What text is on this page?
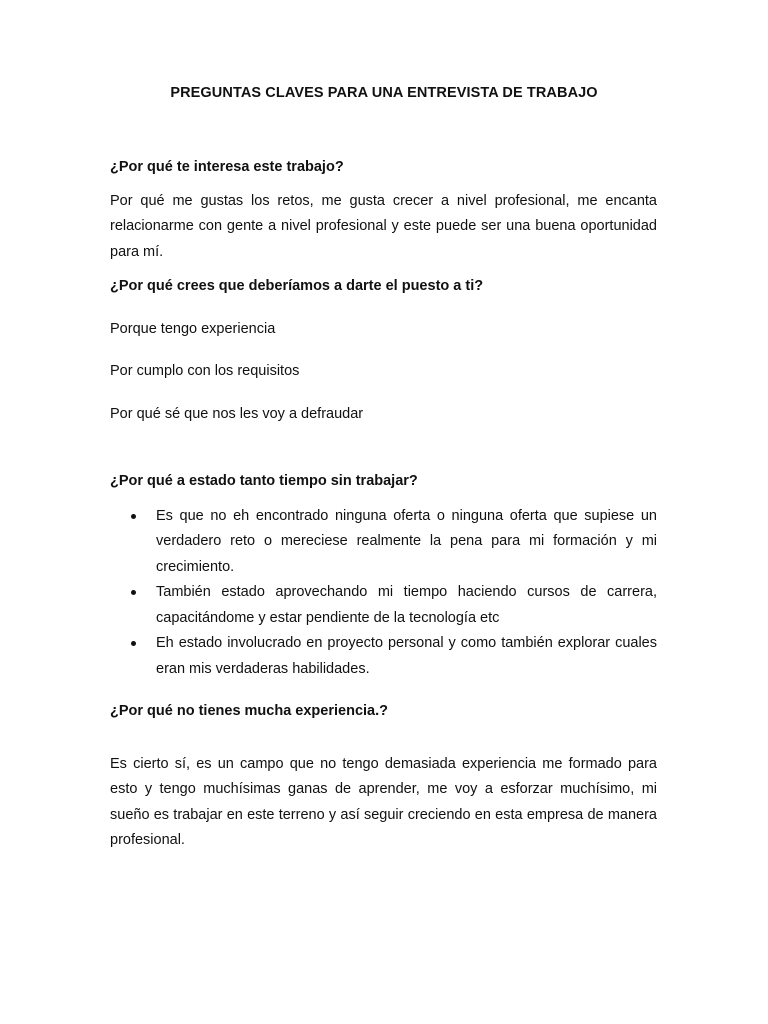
PREGUNTAS CLAVES PARA UNA ENTREVISTA DE TRABAJO

¿Por qué te interesa este trabajo?

Por qué me gustas los retos, me gusta crecer a nivel profesional, me encanta relacionarme con gente a nivel profesional y este puede ser una buena oportunidad para mí.

¿Por qué crees que deberíamos a darte el puesto a ti?

Porque tengo experiencia

Por cumplo con los requisitos

Por qué sé que nos les voy a defraudar

¿Por qué a estado tanto tiempo sin trabajar?

Es que no eh encontrado ninguna oferta o ninguna oferta que supiese un verdadero reto o mereciese realmente la pena para mi formación y mi crecimiento.
También estado aprovechando mi tiempo haciendo cursos de carrera, capacitándome y estar pendiente de la tecnología etc
Eh estado involucrado en proyecto personal y como también explorar cuales eran mis verdaderas habilidades.

¿Por qué no tienes mucha experiencia.?

Es cierto sí, es un campo que no tengo demasiada experiencia me formado para esto y tengo muchísimas ganas de aprender, me voy a esforzar muchísimo, mi sueño es trabajar en este terreno y así seguir creciendo en esta empresa de manera profesional.
